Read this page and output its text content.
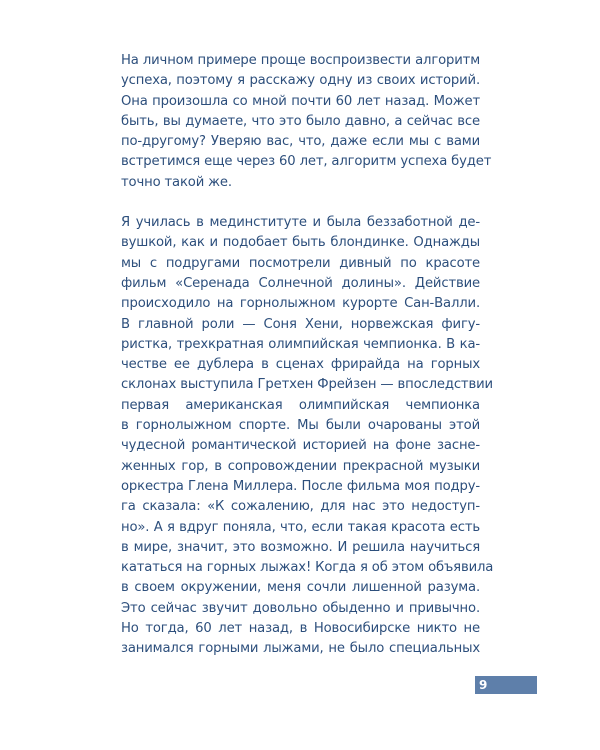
На личном примере проще воспроизвести алгоритм
успеха, поэтому я расскажу одну из своих историй.
Она произошла со мной почти 60 лет назад. Может
быть, вы думаете, что это было давно, а сейчас все
по-другому? Уверяю вас, что, даже если мы с вами
встретимся еще через 60 лет, алгоритм успеха будет
точно такой же.
Я училась в мединституте и была беззаботной де-
вушкой, как и подобает быть блондинке. Однажды
мы с подругами посмотрели дивный по красоте
фильм «Серенада Солнечной долины». Действие
происходило на горнолыжном курорте Сан-Валли.
В главной роли — Соня Хени, норвежская фигу-
ристка, трехкратная олимпийская чемпионка. В ка-
честве ее дублера в сценах фрирайда на горных
склонах выступила Гретхен Фрейзен — впоследствии
первая американская олимпийская чемпионка
в горнолыжном спорте. Мы были очарованы этой
чудесной романтической историей на фоне засне-
женных гор, в сопровождении прекрасной музыки
оркестра Глена Миллера. После фильма моя подру-
га сказала: «К сожалению, для нас это недоступ-
но». А я вдруг поняла, что, если такая красота есть
в мире, значит, это возможно. И решила научиться
кататься на горных лыжах! Когда я об этом объявила
в своем окружении, меня сочли лишенной разума.
Это сейчас звучит довольно обыденно и привычно.
Но тогда, 60 лет назад, в Новосибирске никто не
занимался горными лыжами, не было специальных
9
